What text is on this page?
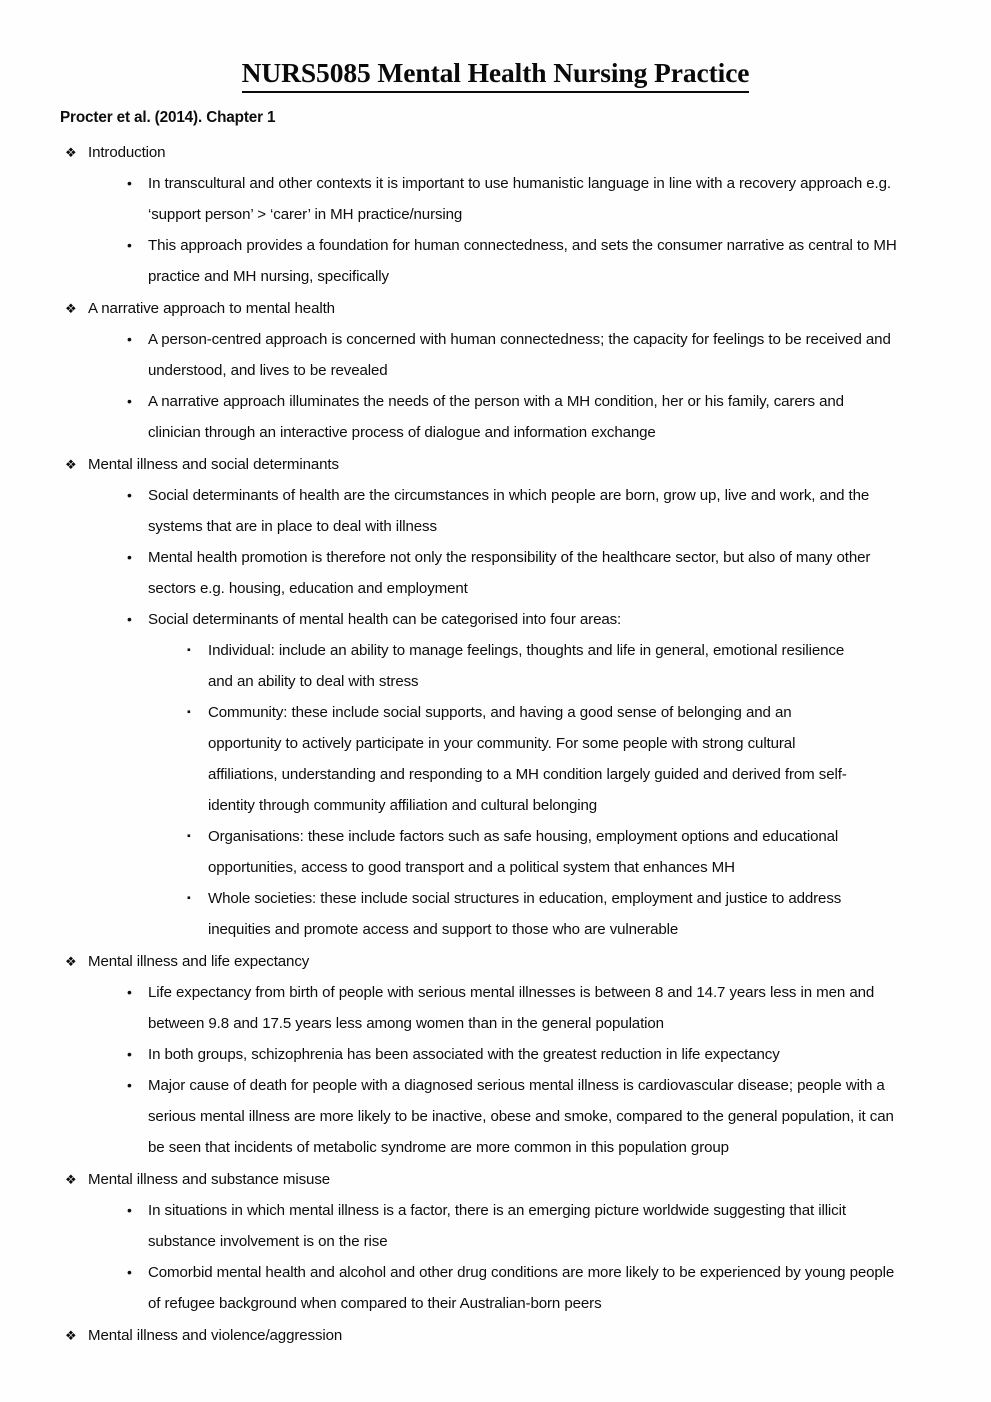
NURS5085 Mental Health Nursing Practice
Procter et al. (2014). Chapter 1
❖ Introduction
• In transcultural and other contexts it is important to use humanistic language in line with a recovery approach e.g. ‘support person’ > ‘carer’ in MH practice/nursing
• This approach provides a foundation for human connectedness, and sets the consumer narrative as central to MH practice and MH nursing, specifically
❖ A narrative approach to mental health
• A person-centred approach is concerned with human connectedness; the capacity for feelings to be received and understood, and lives to be revealed
• A narrative approach illuminates the needs of the person with a MH condition, her or his family, carers and clinician through an interactive process of dialogue and information exchange
❖ Mental illness and social determinants
• Social determinants of health are the circumstances in which people are born, grow up, live and work, and the systems that are in place to deal with illness
• Mental health promotion is therefore not only the responsibility of the healthcare sector, but also of many other sectors e.g. housing, education and employment
• Social determinants of mental health can be categorised into four areas:
▪ Individual: include an ability to manage feelings, thoughts and life in general, emotional resilience and an ability to deal with stress
▪ Community: these include social supports, and having a good sense of belonging and an opportunity to actively participate in your community. For some people with strong cultural affiliations, understanding and responding to a MH condition largely guided and derived from self-identity through community affiliation and cultural belonging
▪ Organisations: these include factors such as safe housing, employment options and educational opportunities, access to good transport and a political system that enhances MH
▪ Whole societies: these include social structures in education, employment and justice to address inequities and promote access and support to those who are vulnerable
❖ Mental illness and life expectancy
• Life expectancy from birth of people with serious mental illnesses is between 8 and 14.7 years less in men and between 9.8 and 17.5 years less among women than in the general population
• In both groups, schizophrenia has been associated with the greatest reduction in life expectancy
• Major cause of death for people with a diagnosed serious mental illness is cardiovascular disease; people with a serious mental illness are more likely to be inactive, obese and smoke, compared to the general population, it can be seen that incidents of metabolic syndrome are more common in this population group
❖ Mental illness and substance misuse
• In situations in which mental illness is a factor, there is an emerging picture worldwide suggesting that illicit substance involvement is on the rise
• Comorbid mental health and alcohol and other drug conditions are more likely to be experienced by young people of refugee background when compared to their Australian-born peers
❖ Mental illness and violence/aggression
